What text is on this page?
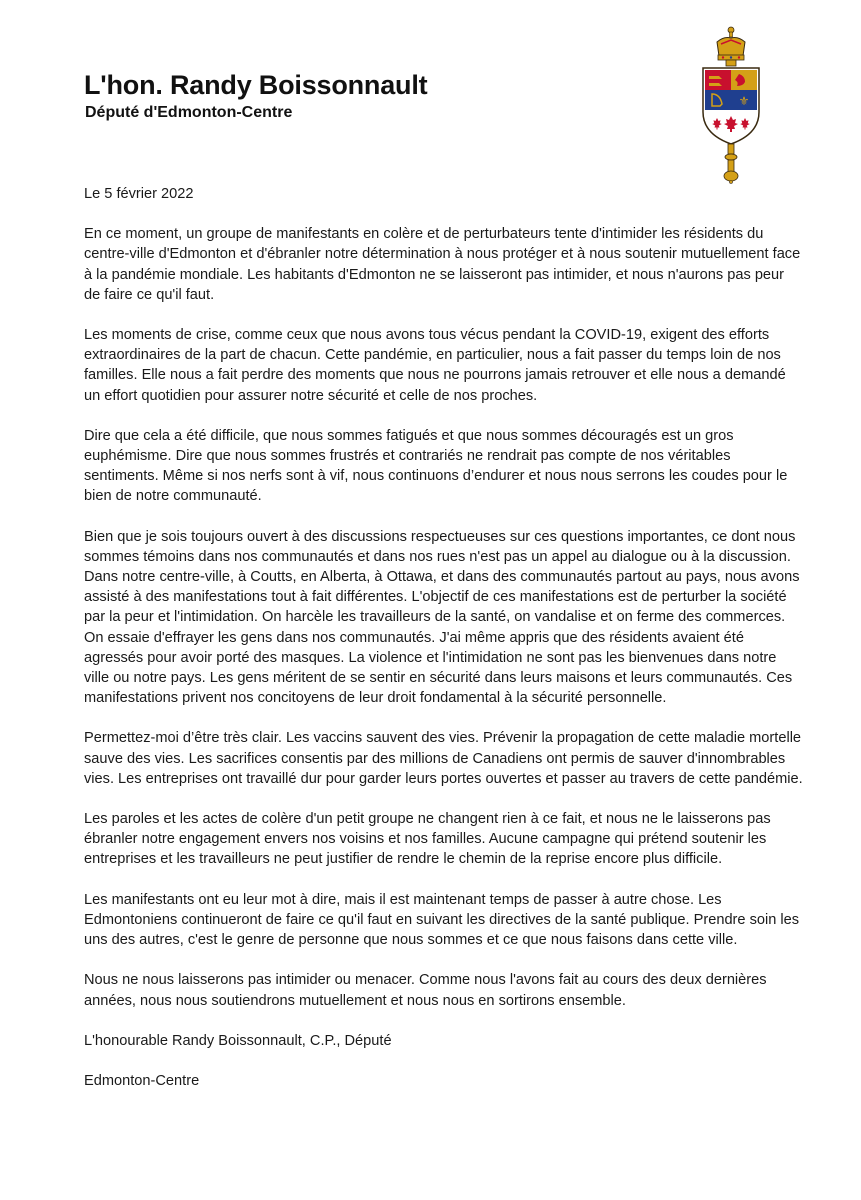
L'hon. Randy Boissonnault
Député d'Edmonton-Centre
⚜

Le 5 février 2022

En ce moment, un groupe de manifestants en colère et de perturbateurs tente d'intimider les résidents du centre-ville d'Edmonton et d'ébranler notre détermination à nous protéger et à nous soutenir mutuellement face à la pandémie mondiale. Les habitants d'Edmonton ne se laisseront pas intimider, et nous n'aurons pas peur de faire ce qu'il faut.

Les moments de crise, comme ceux que nous avons tous vécus pendant la COVID-19, exigent des efforts extraordinaires de la part de chacun. Cette pandémie, en particulier, nous a fait passer du temps loin de nos familles. Elle nous a fait perdre des moments que nous ne pourrons jamais retrouver et elle nous a demandé un effort quotidien pour assurer notre sécurité et celle de nos proches.

Dire que cela a été difficile, que nous sommes fatigués et que nous sommes découragés est un gros euphémisme. Dire que nous sommes frustrés et contrariés ne rendrait pas compte de nos véritables sentiments. Même si nos nerfs sont à vif, nous continuons d’endurer et nous nous serrons les coudes pour le bien de notre communauté.

Bien que je sois toujours ouvert à des discussions respectueuses sur ces questions importantes, ce dont nous sommes témoins dans nos communautés et dans nos rues n'est pas un appel au dialogue ou à la discussion. Dans notre centre-ville, à Coutts, en Alberta, à Ottawa, et dans des communautés partout au pays, nous avons assisté à des manifestations tout à fait différentes. L'objectif de ces manifestations est de perturber la société par la peur et l'intimidation. On harcèle les travailleurs de la santé, on vandalise et on ferme des commerces. On essaie d'effrayer les gens dans nos communautés. J'ai même appris que des résidents avaient été agressés pour avoir porté des masques. La violence et l'intimidation ne sont pas les bienvenues dans notre ville ou notre pays. Les gens méritent de se sentir en sécurité dans leurs maisons et leurs communautés. Ces manifestations privent nos concitoyens de leur droit fondamental à la sécurité personnelle.

Permettez-moi d’être très clair. Les vaccins sauvent des vies. Prévenir la propagation de cette maladie mortelle sauve des vies. Les sacrifices consentis par des millions de Canadiens ont permis de sauver d'innombrables vies. Les entreprises ont travaillé dur pour garder leurs portes ouvertes et passer au travers de cette pandémie.

Les paroles et les actes de colère d'un petit groupe ne changent rien à ce fait, et nous ne le laisserons pas ébranler notre engagement envers nos voisins et nos familles. Aucune campagne qui prétend soutenir les entreprises et les travailleurs ne peut justifier de rendre le chemin de la reprise encore plus difficile.

Les manifestants ont eu leur mot à dire, mais il est maintenant temps de passer à autre chose. Les Edmontoniens continueront de faire ce qu'il faut en suivant les directives de la santé publique. Prendre soin les uns des autres, c'est le genre de personne que nous sommes et ce que nous faisons dans cette ville.

Nous ne nous laisserons pas intimider ou menacer. Comme nous l'avons fait au cours des deux dernières années, nous nous soutiendrons mutuellement et nous nous en sortirons ensemble.

L'honourable Randy Boissonnault, C.P., Député

Edmonton-Centre
